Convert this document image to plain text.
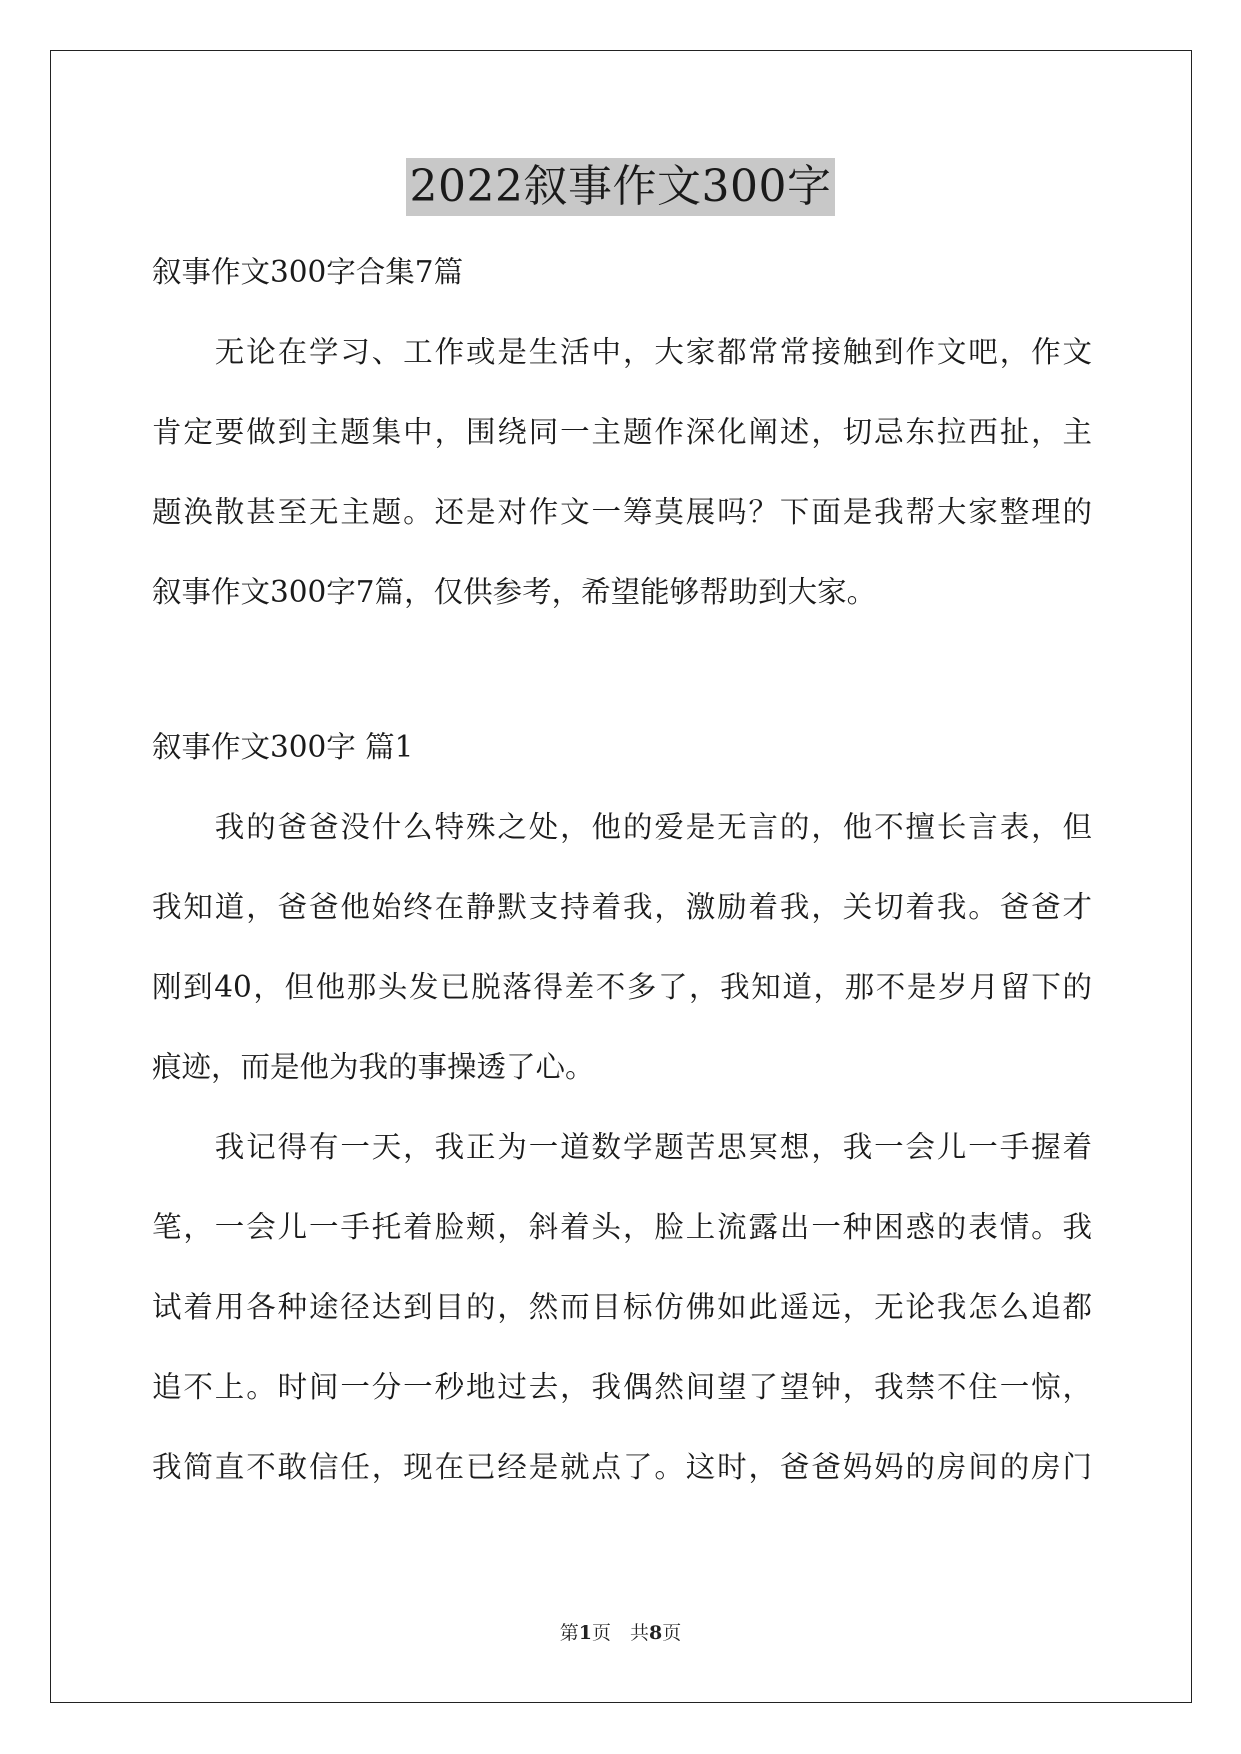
2022叙事作文300字

叙事作文300字合集7篇

　　无论在学习、工作或是生活中，大家都常常接触到作文吧，作文

肯定要做到主题集中，围绕同一主题作深化阐述，切忌东拉西扯，主

题涣散甚至无主题。还是对作文一筹莫展吗？下面是我帮大家整理的

叙事作文300字7篇，仅供参考，希望能够帮助到大家。

叙事作文300字 篇1

　　我的爸爸没什么特殊之处，他的爱是无言的，他不擅长言表，但

我知道，爸爸他始终在静默支持着我，激励着我，关切着我。爸爸才

刚到40，但他那头发已脱落得差不多了，我知道，那不是岁月留下的

痕迹，而是他为我的事操透了心。

　　我记得有一天，我正为一道数学题苦思冥想，我一会儿一手握着

笔，一会儿一手托着脸颊，斜着头，脸上流露出一种困惑的表情。我

试着用各种途径达到目的，然而目标仿佛如此遥远，无论我怎么追都

追不上。时间一分一秒地过去，我偶然间望了望钟，我禁不住一惊，

我简直不敢信任，现在已经是就点了。这时，爸爸妈妈的房间的房门

第1页　共8页
